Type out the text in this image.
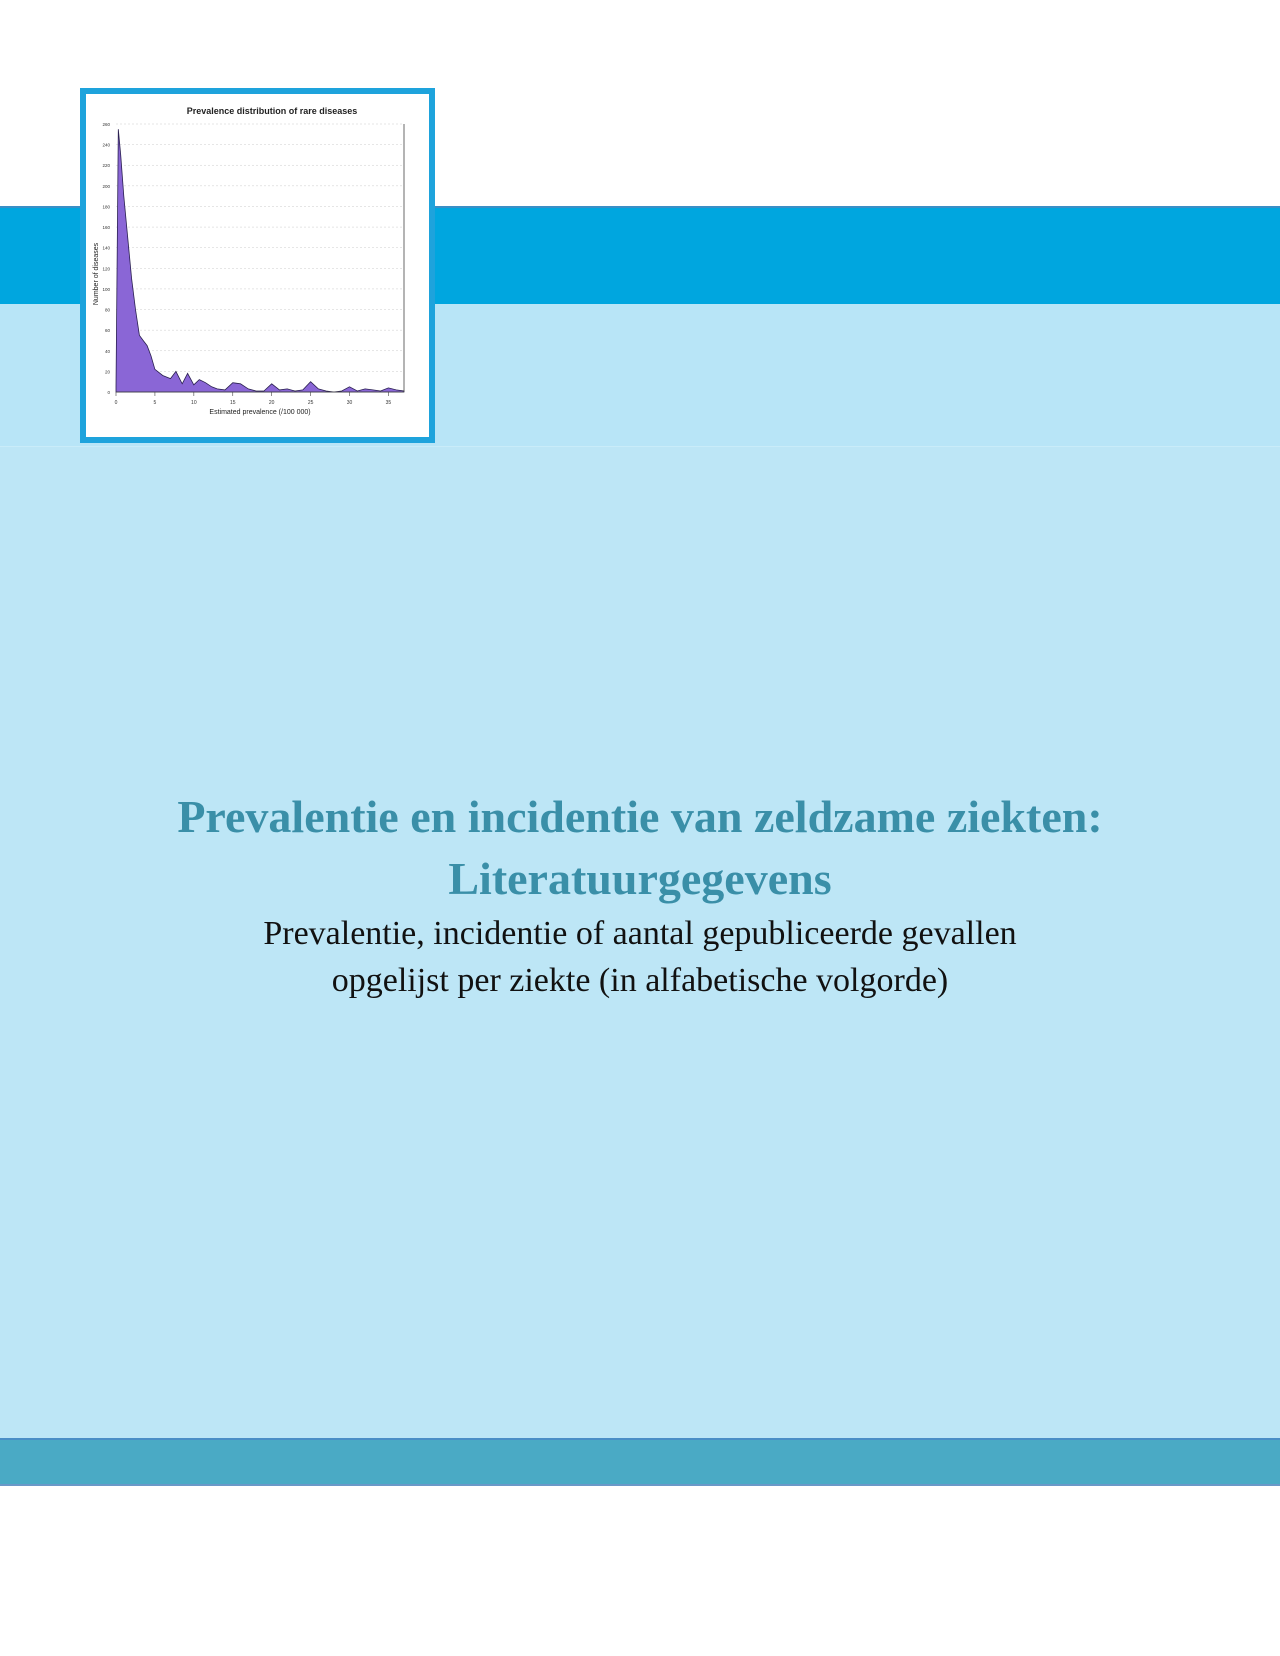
Prevalence distribution of rare diseases
0
20
40
60
80
100
120
140
160
180
200
220
240
260
0	5	10	15	20	25	30	35
Estimated prevalence (/100 000)
Number of diseases
Prevalentie en incidentie van zeldzame ziekten:
Literatuurgegevens
Prevalentie, incidentie of aantal gepubliceerde gevallen
opgelijst per ziekte (in alfabetische volgorde)
